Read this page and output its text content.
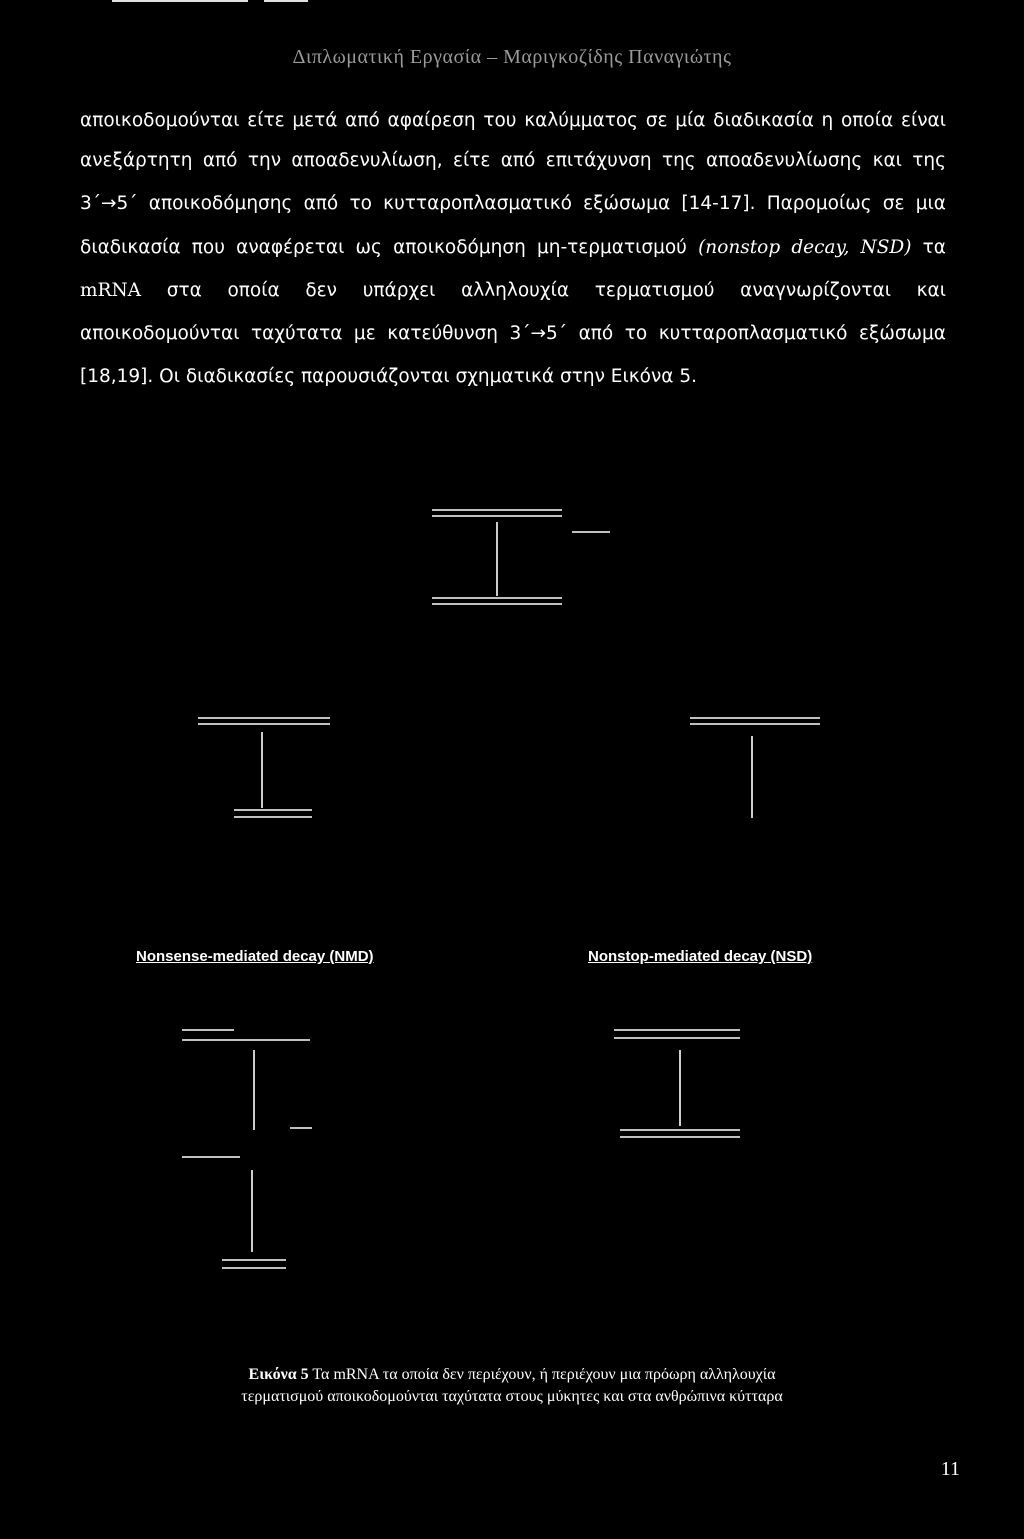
Διπλωματική Εργασία – Μαριγκοζίδης Παναγιώτης
αποικοδομούνται είτε μετά από αφαίρεση του καλύμματος σε μία διαδικασία η οποία είναι
ανεξάρτητη από την αποαδενυλίωση, είτε από επιτάχυνση της αποαδενυλίωσης και της
3΄→5΄ αποικοδόμησης από το κυτταροπλασματικό εξώσωμα [14-17]. Παρομοίως σε μια
διαδικασία που αναφέρεται ως αποικοδόμηση μη-τερματισμού (nonstop decay, NSD) τα
mRNA στα οποία δεν υπάρχει αλληλουχία τερματισμού αναγνωρίζονται και
αποικοδομούνται ταχύτατα με κατεύθυνση 3΄→5΄ από το κυτταροπλασματικό εξώσωμα
[18,19]. Οι διαδικασίες παρουσιάζονται σχηματικά στην Εικόνα 5.
Nonsense-mediated decay (NMD)	Nonstop-mediated decay (NSD)
Εικόνα 5 Τα mRNA τα οποία δεν περιέχουν, ή περιέχουν μια πρόωρη αλληλουχία
τερματισμού αποικοδομούνται ταχύτατα στους μύκητες και στα ανθρώπινα κύτταρα
11
